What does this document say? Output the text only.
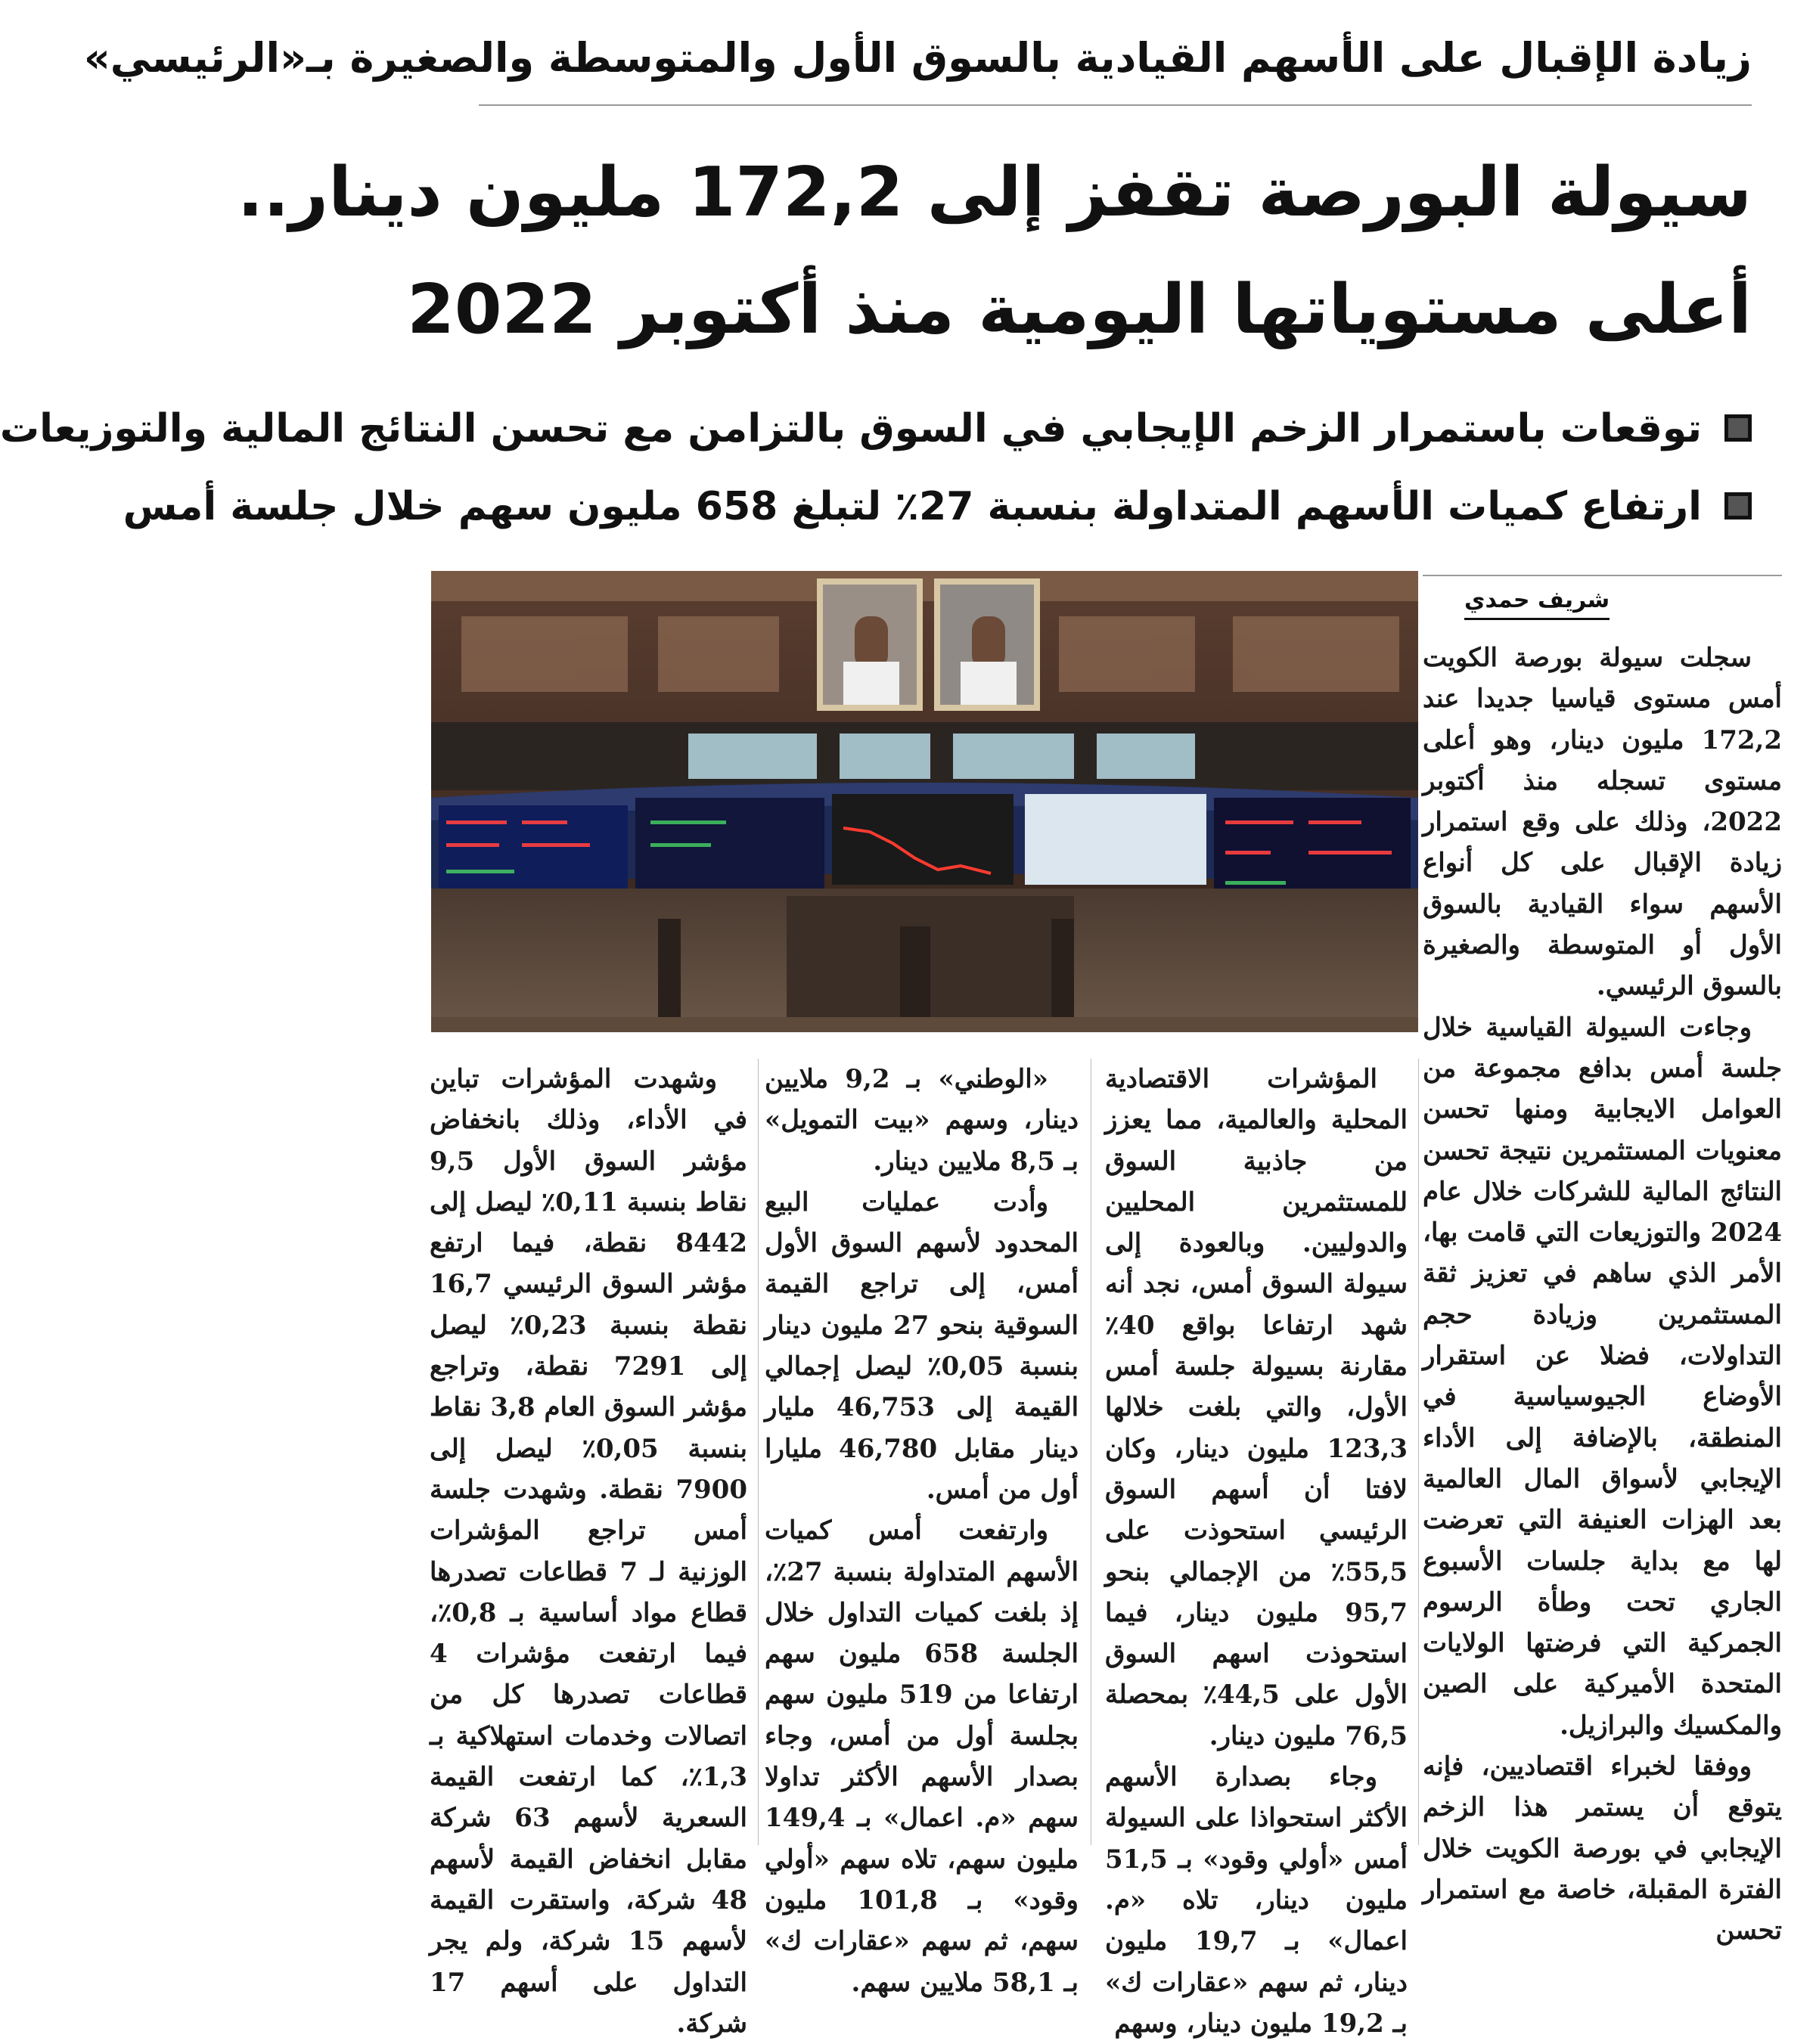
زيادة الإقبال على الأسهم القيادية بالسوق الأول والمتوسطة والصغيرة بـ«الرئيسي»
سيولة البورصة تقفز إلى 172,2 مليون دينار..
أعلى مستوياتها اليومية منذ أكتوبر 2022
توقعات باستمرار الزخم الإيجابي في السوق بالتزامن مع تحسن النتائج المالية والتوزيعات
ارتفاع كميات الأسهم المتداولة بنسبة 27٪ لتبلغ 658 مليون سهم خلال جلسة أمس
شريف حمدي

سجلت سيولة بورصة الكويت أمس مستوى قياسيا جديدا عند 172,2 مليون دينار، وهو أعلى مستوى تسجله منذ أكتوبر 2022، وذلك على وقع استمرار زيادة الإقبال على كل أنواع الأسهم سواء القيادية بالسوق الأول أو المتوسطة والصغيرة بالسوق الرئيسي.

وجاءت السيولة القياسية خلال جلسة أمس بدافع مجموعة من العوامل الايجابية ومنها تحسن معنويات المستثمرين نتيجة تحسن النتائج المالية للشركات خلال عام 2024 والتوزيعات التي قامت بها، الأمر الذي ساهم في تعزيز ثقة المستثمرين وزيادة حجم التداولات، فضلا عن استقرار الأوضاع الجيوسياسية في المنطقة، بالإضافة إلى الأداء الإيجابي لأسواق المال العالمية بعد الهزات العنيفة التي تعرضت لها مع بداية جلسات الأسبوع الجاري تحت وطأة الرسوم الجمركية التي فرضتها الولايات المتحدة الأميركية على الصين والمكسيك والبرازيل.

ووفقا لخبراء اقتصاديين، فإنه يتوقع أن يستمر هذا الزخم الإيجابي في بورصة الكويت خلال الفترة المقبلة، خاصة مع استمرار تحسن

المؤشرات الاقتصادية المحلية والعالمية، مما يعزز من جاذبية السوق للمستثمرين المحليين والدوليين. وبالعودة إلى سيولة السوق أمس، نجد أنه شهد ارتفاعا بواقع 40٪ مقارنة بسيولة جلسة أمس الأول، والتي بلغت خلالها 123,3 مليون دينار، وكان لافتا أن أسهم السوق الرئيسي استحوذت على 55,5٪ من الإجمالي بنحو 95,7 مليون دينار، فيما استحوذت اسهم السوق الأول على 44,5٪ بمحصلة 76,5 مليون دينار.

وجاء بصدارة الأسهم الأكثر استحواذا على السيولة أمس «أولي وقود» بـ 51,5 مليون دينار، تلاه «م. اعمال» بـ 19,7 مليون دينار، ثم سهم «عقارات ك» بـ 19,2 مليون دينار، وسهم

«الوطني» بـ 9,2 ملايين دينار، وسهم «بيت التمويل» بـ 8,5 ملايين دينار.

وأدت عمليات البيع المحدود لأسهم السوق الأول أمس، إلى تراجع القيمة السوقية بنحو 27 مليون دينار بنسبة 0,05٪ ليصل إجمالي القيمة إلى 46,753 مليار دينار مقابل 46,780 مليارا أول من أمس.

وارتفعت أمس كميات الأسهم المتداولة بنسبة 27٪، إذ بلغت كميات التداول خلال الجلسة 658 مليون سهم ارتفاعا من 519 مليون سهم بجلسة أول من أمس، وجاء بصدار الأسهم الأكثر تداولا سهم «م. اعمال» بـ 149,4 مليون سهم، تلاه سهم «أولي وقود» بـ 101,8 مليون سهم، ثم سهم «عقارات ك» بـ 58,1 ملايين سهم.

وشهدت المؤشرات تباين في الأداء، وذلك بانخفاض مؤشر السوق الأول 9,5 نقاط بنسبة 0,11٪ ليصل إلى 8442 نقطة، فيما ارتفع مؤشر السوق الرئيسي 16,7 نقطة بنسبة 0,23٪ ليصل إلى 7291 نقطة، وتراجع مؤشر السوق العام 3,8 نقاط بنسبة 0,05٪ ليصل إلى 7900 نقطة. وشهدت جلسة أمس تراجع المؤشرات الوزنية لـ 7 قطاعات تصدرها قطاع مواد أساسية بـ 0,8٪، فيما ارتفعت مؤشرات 4 قطاعات تصدرها كل من اتصالات وخدمات استهلاكية بـ 1,3٪، كما ارتفعت القيمة السعرية لأسهم 63 شركة مقابل انخفاض القيمة لأسهم 48 شركة، واستقرت القيمة لأسهم 15 شركة، ولم يجر التداول على أسهم 17 شركة.
